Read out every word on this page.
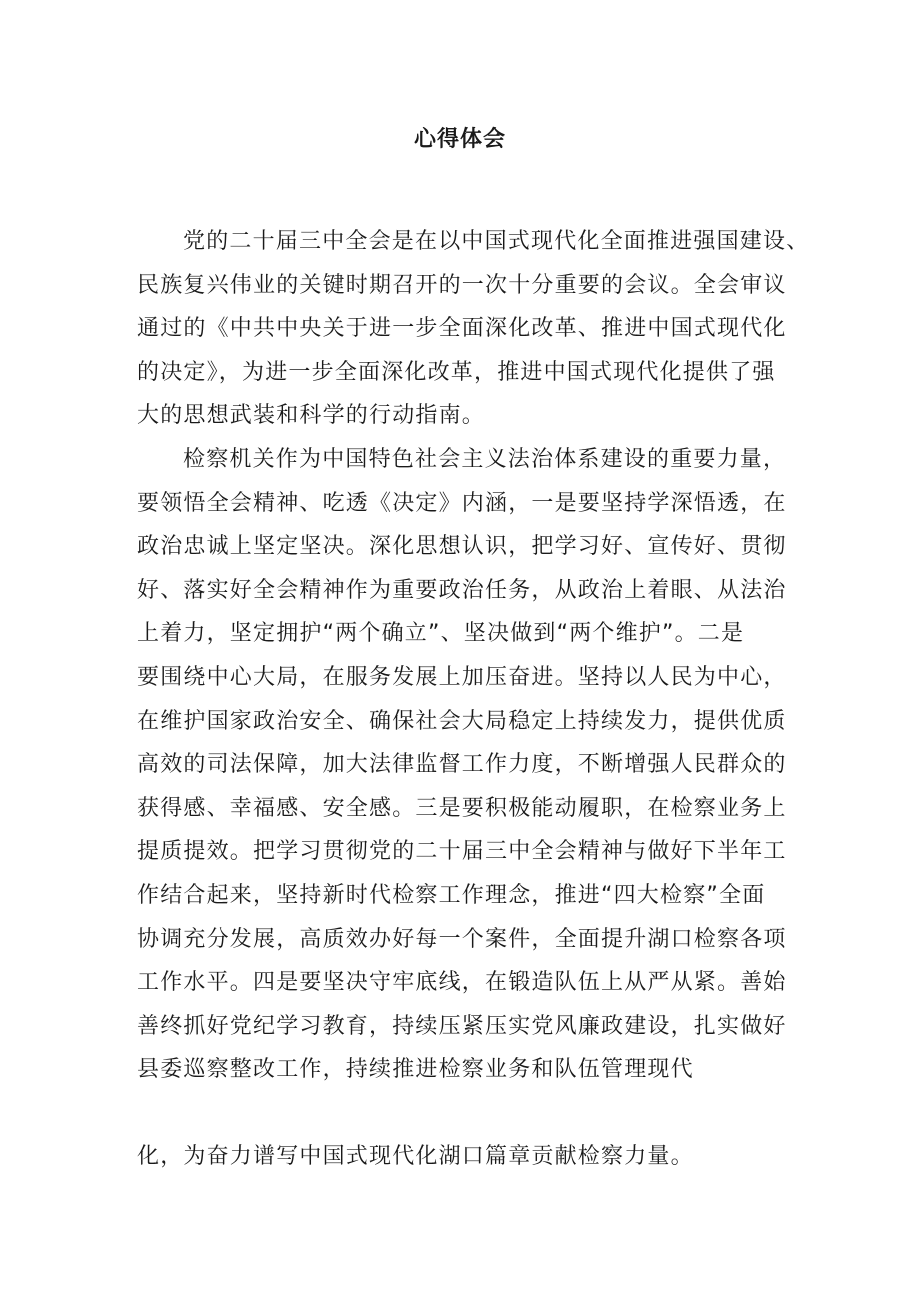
心得体会
党的二十届三中全会是在以中国式现代化全面推进强国建设、
民族复兴伟业的关键时期召开的一次十分重要的会议。全会审议
通过的《中共中央关于进一步全面深化改革、推进中国式现代化
的决定》，为进一步全面深化改革，推进中国式现代化提供了强
大的思想武装和科学的行动指南。
检察机关作为中国特色社会主义法治体系建设的重要力量，
要领悟全会精神、吃透《决定》内涵，一是要坚持学深悟透，在
政治忠诚上坚定坚决。深化思想认识，把学习好、宣传好、贯彻
好、落实好全会精神作为重要政治任务，从政治上着眼、从法治
上着力，坚定拥护“两个确立”、坚决做到“两个维护”。二是
要围绕中心大局，在服务发展上加压奋进。坚持以人民为中心，
在维护国家政治安全、确保社会大局稳定上持续发力，提供优质
高效的司法保障，加大法律监督工作力度，不断增强人民群众的
获得感、幸福感、安全感。三是要积极能动履职，在检察业务上
提质提效。把学习贯彻党的二十届三中全会精神与做好下半年工
作结合起来，坚持新时代检察工作理念，推进“四大检察”全面
协调充分发展，高质效办好每一个案件，全面提升湖口检察各项
工作水平。四是要坚决守牢底线，在锻造队伍上从严从紧。善始
善终抓好党纪学习教育，持续压紧压实党风廉政建设，扎实做好
县委巡察整改工作，持续推进检察业务和队伍管理现代
化，为奋力谱写中国式现代化湖口篇章贡献检察力量。
